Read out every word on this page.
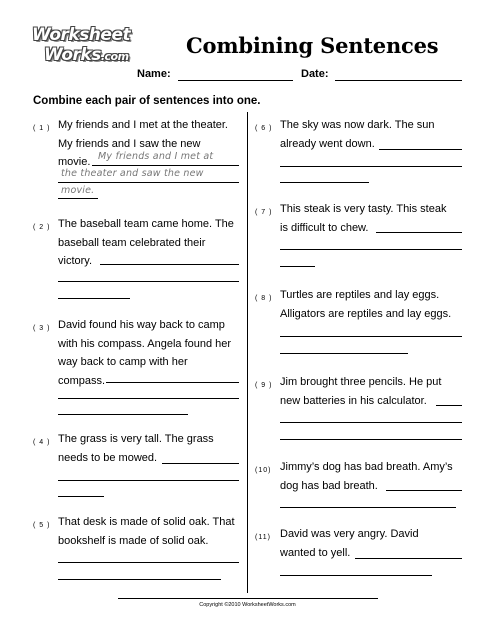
Worksheet
Works.com	Combining Sentences
Name:	Date:
Combine each pair of sentences into one.
( 1 ) My friends and I met at the theater.
My friends and I saw the new
movie. My friends and I met at
the theater and saw the new
movie.
( 2 ) The baseball team came home. The
baseball team celebrated their
victory.
( 3 ) David found his way back to camp
with his compass. Angela found her
way back to camp with her
compass.
( 4 ) The grass is very tall. The grass
needs to be mowed.
( 5 ) That desk is made of solid oak. That
bookshelf is made of solid oak.
( 6 ) The sky was now dark. The sun
already went down.
( 7 ) This steak is very tasty. This steak
is difficult to chew.
( 8 ) Turtles are reptiles and lay eggs.
Alligators are reptiles and lay eggs.
( 9 ) Jim brought three pencils. He put
new batteries in his calculator.
(10) Jimmy’s dog has bad breath. Amy’s
dog has bad breath.
(11) David was very angry. David
wanted to yell.
Copyright ©2010 WorksheetWorks.com
